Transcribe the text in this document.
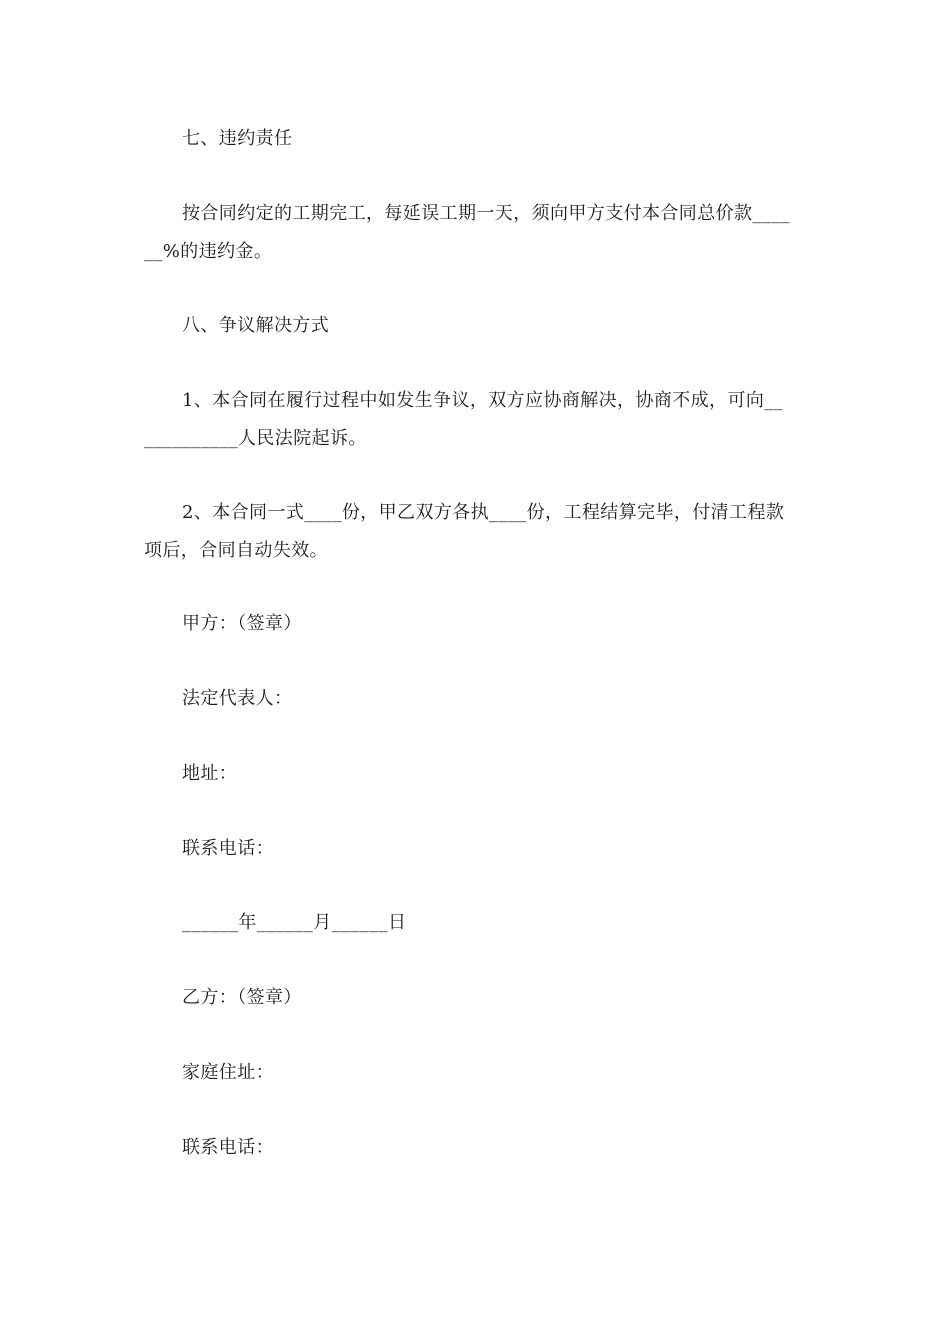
七、违约责任
按合同约定的工期完工，每延误工期一天，须向甲方支付本合同总价款____
__%的违约金。
八、争议解决方式
1、本合同在履行过程中如发生争议，双方应协商解决，协商不成，可向__
__________人民法院起诉。
2、本合同一式____份，甲乙双方各执____份，工程结算完毕，付清工程款
项后，合同自动失效。
甲方：（签章）
法定代表人：
地址：
联系电话：
______年______月______日
乙方：（签章）
家庭住址：
联系电话：
